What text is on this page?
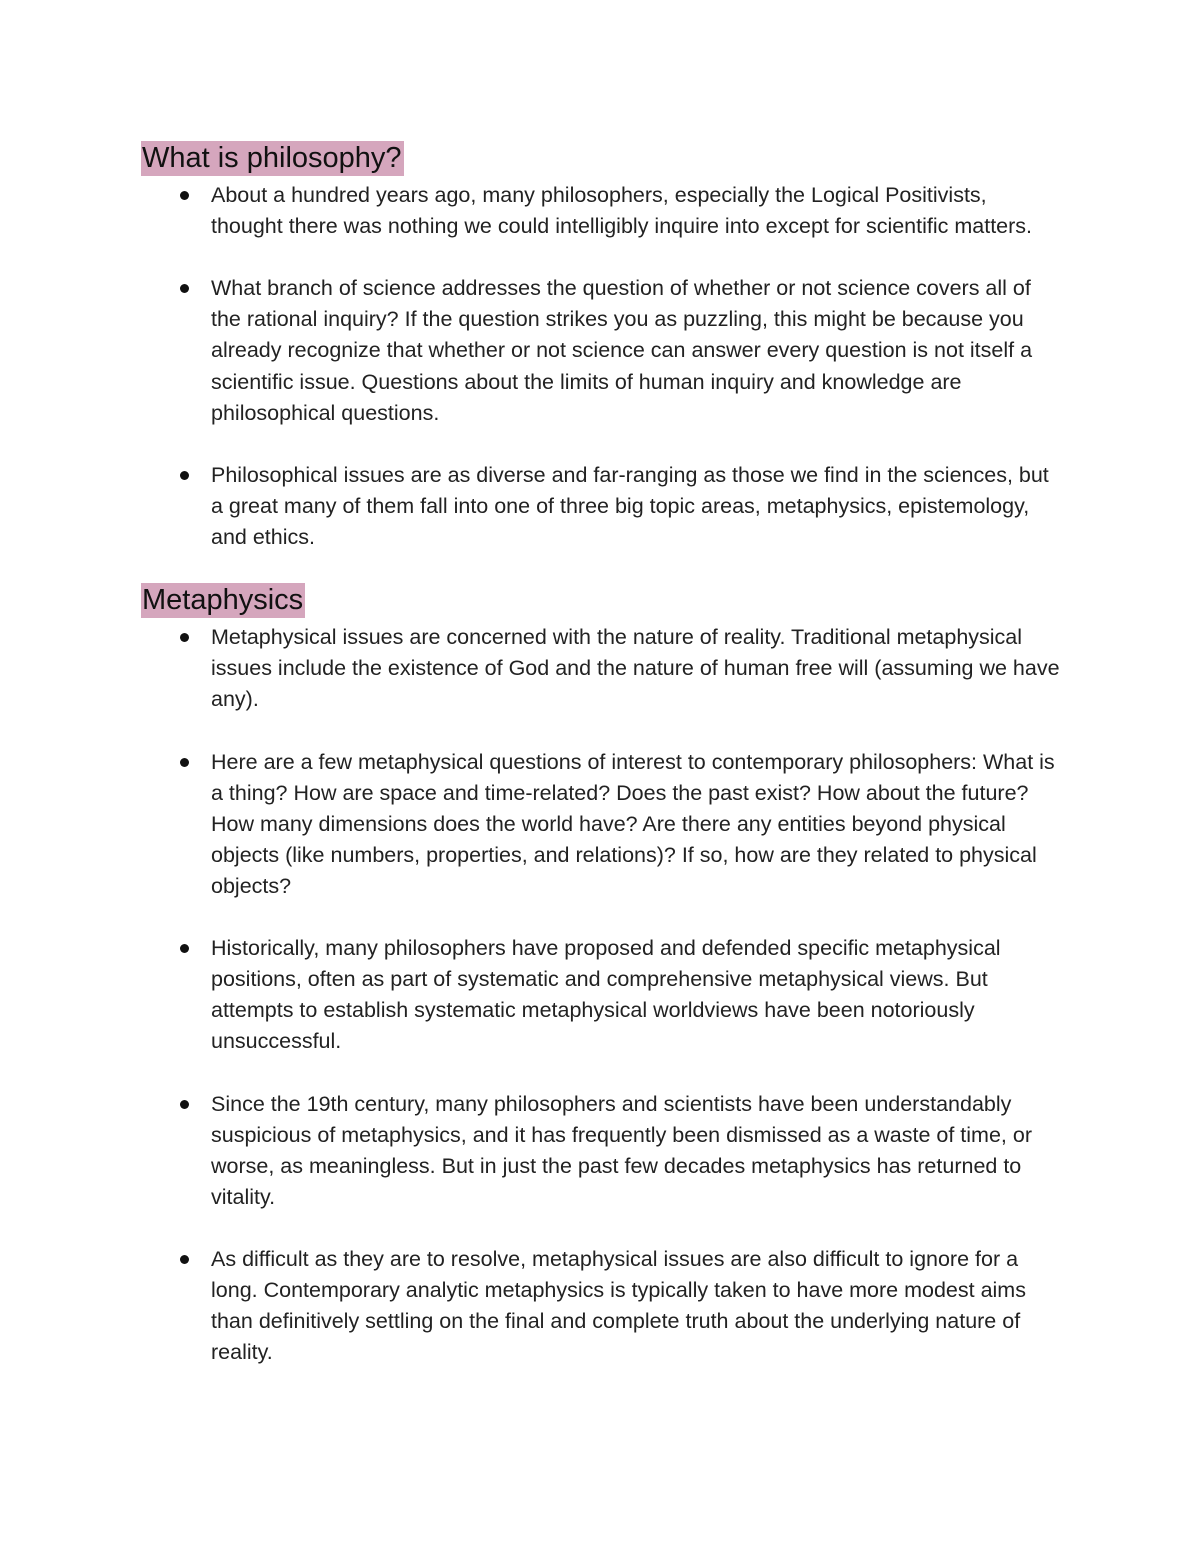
What is philosophy?
About a hundred years ago, many philosophers, especially the Logical Positivists, thought there was nothing we could intelligibly inquire into except for scientific matters.
What branch of science addresses the question of whether or not science covers all of the rational inquiry? If the question strikes you as puzzling, this might be because you already recognize that whether or not science can answer every question is not itself a scientific issue. Questions about the limits of human inquiry and knowledge are philosophical questions.
Philosophical issues are as diverse and far-ranging as those we find in the sciences, but a great many of them fall into one of three big topic areas, metaphysics, epistemology, and ethics.
Metaphysics
Metaphysical issues are concerned with the nature of reality. Traditional metaphysical issues include the existence of God and the nature of human free will (assuming we have any).
Here are a few metaphysical questions of interest to contemporary philosophers: What is a thing? How are space and time-related? Does the past exist? How about the future? How many dimensions does the world have? Are there any entities beyond physical objects (like numbers, properties, and relations)? If so, how are they related to physical objects?
Historically, many philosophers have proposed and defended specific metaphysical positions, often as part of systematic and comprehensive metaphysical views. But attempts to establish systematic metaphysical worldviews have been notoriously unsuccessful.
Since the 19th century, many philosophers and scientists have been understandably suspicious of metaphysics, and it has frequently been dismissed as a waste of time, or worse, as meaningless. But in just the past few decades metaphysics has returned to vitality.
As difficult as they are to resolve, metaphysical issues are also difficult to ignore for a long. Contemporary analytic metaphysics is typically taken to have more modest aims than definitively settling on the final and complete truth about the underlying nature of reality.
